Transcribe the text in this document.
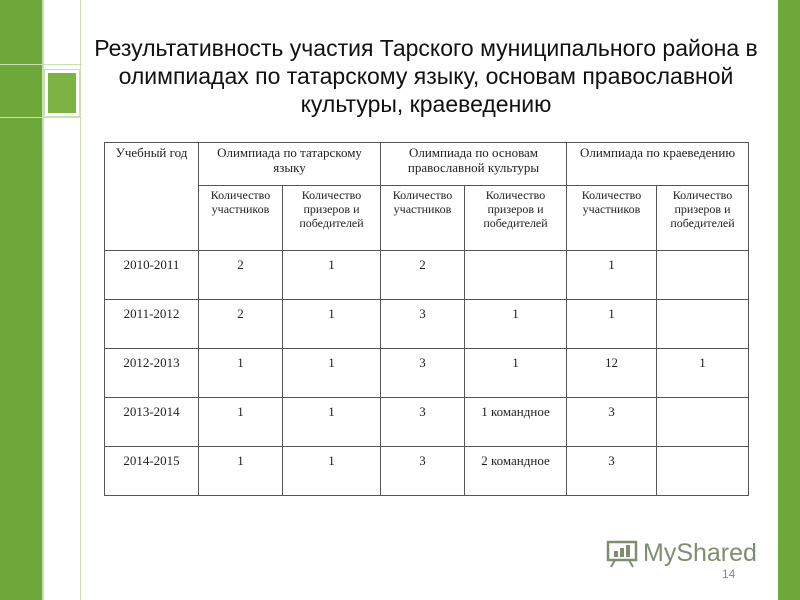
Результативность участия Тарского муниципального района в олимпиадах по татарскому языку, основам православной культуры, краеведению
Учебный год	Олимпиада по татарскому языку		Олимпиада по основам православной культуры		Олимпиада по краеведению	
	Количество участников	Количество призеров и победителей	Количество участников	Количество призеров и победителей	Количество участников	Количество призеров и победителей
2010-2011	2	1	2		1	
2011-2012	2	1	3	1	1	
2012-2013	1	1	3	1	12	1
2013-2014	1	1	3	1 командное	3	
2014-2015	1	1	3	2 командное	3	
MyShared
14
